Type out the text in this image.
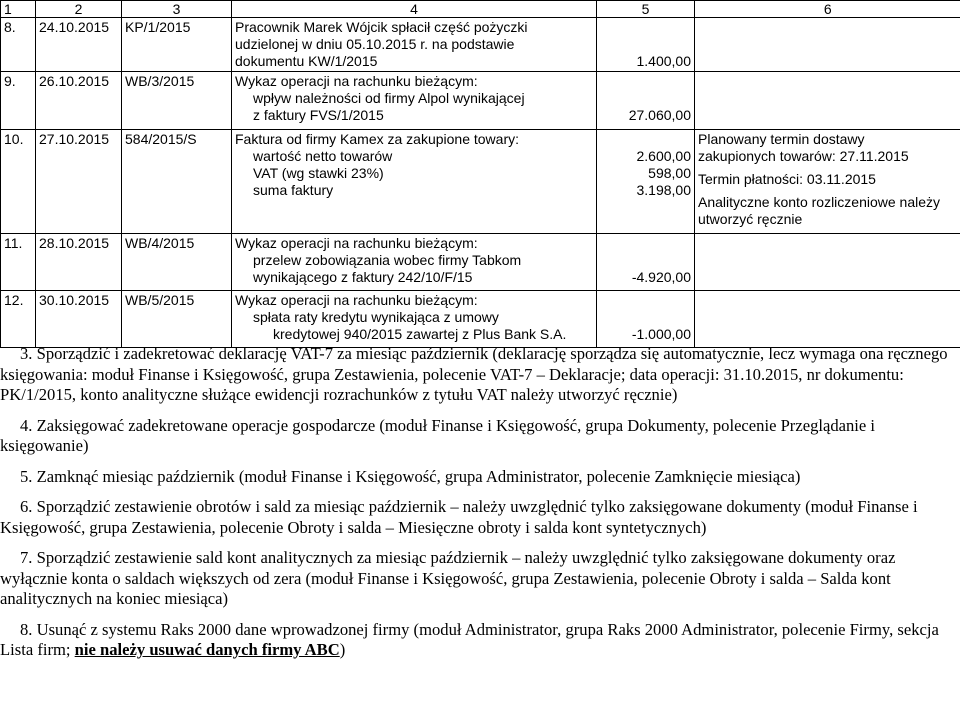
1	2	3	4	5	6
8.	24.10.2015	KP/1/2015	Pracownik Marek Wójcik spłacił część pożyczki
udzielonej w dniu 05.10.2015 r. na podstawie
dokumentu KW/1/2015	1.400,00	

9.	26.10.2015	WB/3/2015	Wykaz operacji na rachunku bieżącym:
wpływ należności od firmy Alpol wynikającej
z faktury FVS/1/2015	27.060,00	

10.	27.10.2015	584/2015/S	Faktura od firmy Kamex za zakupione towary:
wartość netto towarów
VAT (wg stawki 23%)
suma faktury	2.600,00
598,00
3.198,00	Planowany termin dostawy
zakupionych towarów: 27.11.2015
Termin płatności: 03.11.2015
Analityczne konto rozliczeniowe należy
utworzyć ręcznie

11.	28.10.2015	WB/4/2015	Wykaz operacji na rachunku bieżącym:
przelew zobowiązania wobec firmy Tabkom
wynikającego z faktury 242/10/F/15	-4.920,00	

12.	30.10.2015	WB/5/2015	Wykaz operacji na rachunku bieżącym:
spłata raty kredytu wynikająca z umowy
kredytowej 940/2015 zawartej z Plus Bank S.A.	-1.000,00	

3. Sporządzić i zadekretować deklarację VAT-7 za miesiąc październik (deklarację sporządza się automatycznie, lecz wymaga ona ręcznego księgowania: moduł Finanse i Księgowość, grupa Zestawienia, polecenie VAT-7 – Deklaracje; data operacji: 31.10.2015, nr dokumentu: PK/1/2015, konto analityczne służące ewidencji rozrachunków z tytułu VAT należy utworzyć ręcznie)

4. Zaksięgować zadekretowane operacje gospodarcze (moduł Finanse i Księgowość, grupa Dokumenty, polecenie Przeglądanie i księgowanie)

5. Zamknąć miesiąc październik (moduł Finanse i Księgowość, grupa Administrator, polecenie Zamknięcie miesiąca)

6. Sporządzić zestawienie obrotów i sald za miesiąc październik – należy uwzględnić tylko zaksięgowane dokumenty (moduł Finanse i Księgowość, grupa Zestawienia, polecenie Obroty i salda – Miesięczne obroty i salda kont syntetycznych)

7. Sporządzić zestawienie sald kont analitycznych za miesiąc październik – należy uwzględnić tylko zaksięgowane dokumenty oraz wyłącznie konta o saldach większych od zera (moduł Finanse i Księgowość, grupa Zestawienia, polecenie Obroty i salda – Salda kont analitycznych na koniec miesiąca)

8. Usunąć z systemu Raks 2000 dane wprowadzonej firmy (moduł Administrator, grupa Raks 2000 Administrator, polecenie Firmy, sekcja Lista firm; nie należy usuwać danych firmy ABC)
